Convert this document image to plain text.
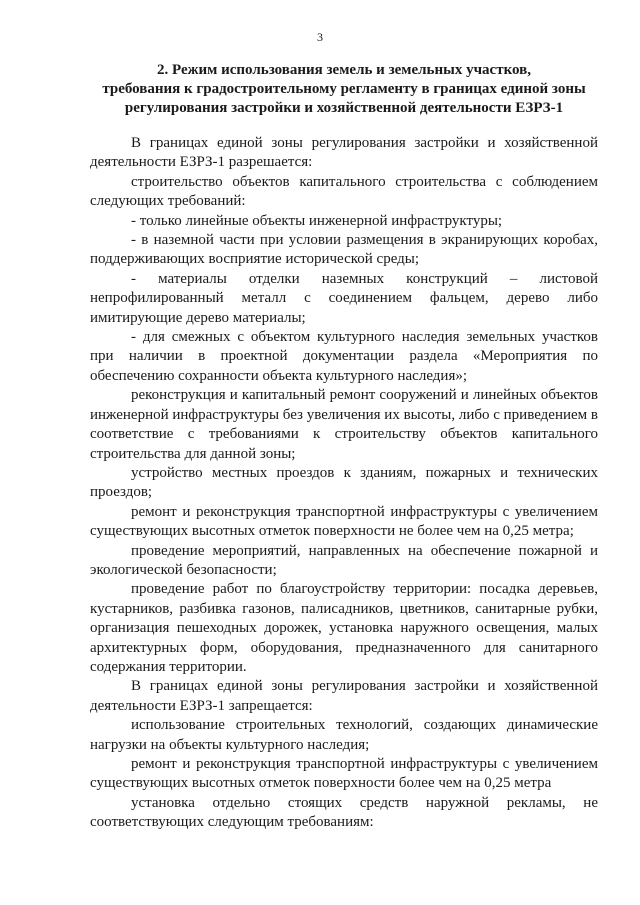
3
2. Режим использования земель и земельных участков,
требования к градостроительному регламенту в границах единой зоны
регулирования застройки и хозяйственной деятельности ЕЗРЗ-1

В границах единой зоны регулирования застройки и хозяйственной деятельности ЕЗРЗ-1 разрешается:

строительство объектов капитального строительства с соблюдением следующих требований:

- только линейные объекты инженерной инфраструктуры;

- в наземной части при условии размещения в экранирующих коробах, поддерживающих восприятие исторической среды;

- материалы отделки наземных конструкций – листовой непрофилированный металл с соединением фальцем, дерево либо имитирующие дерево материалы;

- для смежных с объектом культурного наследия земельных участков при наличии в проектной документации раздела «Мероприятия по обеспечению сохранности объекта культурного наследия»;

реконструкция и капитальный ремонт сооружений и линейных объектов инженерной инфраструктуры без увеличения их высоты, либо с приведением в соответствие с требованиями к строительству объектов капитального строительства для данной зоны;

устройство местных проездов к зданиям, пожарных и технических проездов;

ремонт и реконструкция транспортной инфраструктуры с увеличением существующих высотных отметок поверхности не более чем на 0,25 метра;

проведение мероприятий, направленных на обеспечение пожарной и экологической безопасности;

проведение работ по благоустройству территории: посадка деревьев, кустарников, разбивка газонов, палисадников, цветников, санитарные рубки, организация пешеходных дорожек, установка наружного освещения, малых архитектурных форм, оборудования, предназначенного для санитарного содержания территории.

В границах единой зоны регулирования застройки и хозяйственной деятельности ЕЗРЗ-1 запрещается:

использование строительных технологий, создающих динамические нагрузки на объекты культурного наследия;

ремонт и реконструкция транспортной инфраструктуры с увеличением существующих высотных отметок поверхности более чем на 0,25 метра

установка отдельно стоящих средств наружной рекламы, не соответствующих следующим требованиям:
